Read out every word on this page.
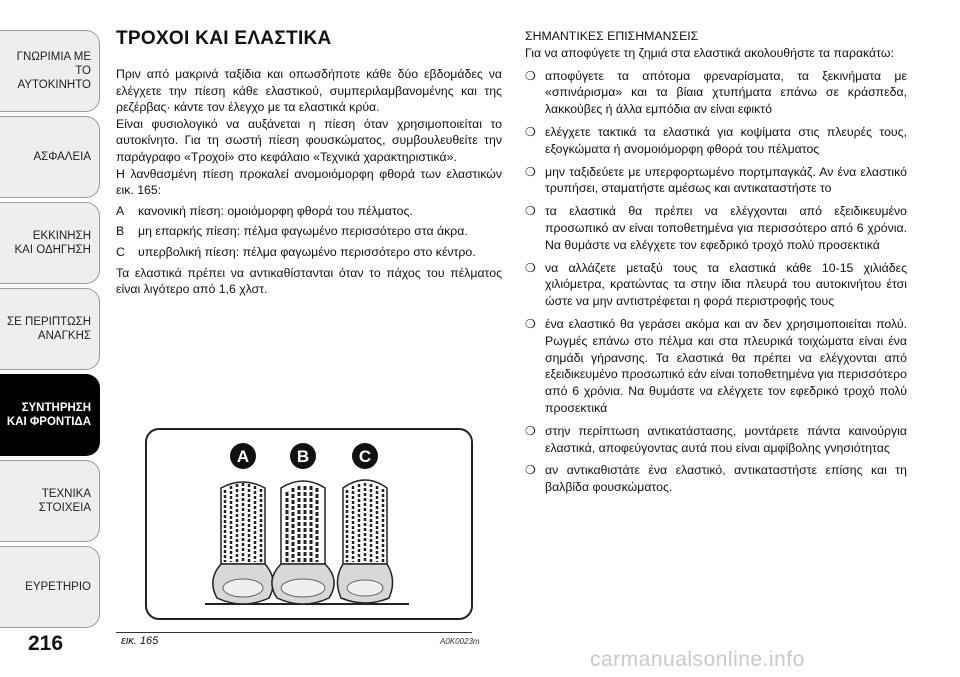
ΓΝΩΡΙΜΙΑ ΜΕ ΤΟ
ΑΥΤΟΚΙΝΗΤΟ
ΑΣΦΑΛΕΙΑ
ΕΚΚΙΝΗΣΗ
ΚΑΙ ΟΔΗΓΗΣΗ
ΣΕ ΠΕΡΙΠΤΩΣΗ
ΑΝΑΓΚΗΣ
ΣΥΝΤΗΡΗΣΗ
ΚΑΙ ΦΡΟΝΤΙΔΑ
ΤΕΧΝΙΚΑ
ΣΤΟΙΧΕΙΑ
ΕΥΡΕΤΗΡΙΟ
216
ΤΡΟΧΟΙ ΚΑΙ ΕΛΑΣΤΙΚΑ

Πριν από μακρινά ταξίδια και οπωσδήποτε κάθε δύο εβδομάδες να ελέγχετε την πίεση κάθε ελαστικού, συμπεριλαμβανομένης και της ρεζέρβας· κάντε τον έλεγχο με τα ελαστικά κρύα.

Είναι φυσιολογικό να αυξάνεται η πίεση όταν χρησιμοποιείται το αυτοκίνητο. Για τη σωστή πίεση φουσκώματος, συμβουλευθείτε την παράγραφο «Τροχοί» στο κεφάλαιο «Τεχνικά χαρακτηριστικά».

Η λανθασμένη πίεση προκαλεί ανομοιόμορφη φθορά των ελαστικών εικ. 165:

A	κανονική πίεση: ομοιόμορφη φθορά του πέλματος.
B	μη επαρκής πίεση: πέλμα φαγωμένο περισσότερο στα άκρα.
C	υπερβολική πίεση: πέλμα φαγωμένο περισσότερο στο κέντρο.

Τα ελαστικά πρέπει να αντικαθίστανται όταν το πάχος του πέλματος είναι λιγότερο από 1,6 χλστ.

A	B	C
εικ. 165	A0K0023m

ΣΗΜΑΝΤΙΚΕΣ ΕΠΙΣΗΜΑΝΣΕΙΣ

Για να αποφύγετε τη ζημιά στα ελαστικά ακολουθήστε τα παρακάτω:

❍ αποφύγετε τα απότομα φρεναρίσματα, τα ξεκινήματα με «σπινάρισμα» και τα βίαια χτυπήματα επάνω σε κράσπεδα, λακκούβες ή άλλα εμπόδια αν είναι εφικτό
❍ ελέγχετε τακτικά τα ελαστικά για κοψίματα στις πλευρές τους, εξογκώματα ή ανομοιόμορφη φθορά του πέλματος
❍ μην ταξιδεύετε με υπερφορτωμένο πορτμπαγκάζ. Αν ένα ελαστικό τρυπήσει, σταματήστε αμέσως και αντικαταστήστε το
❍ τα ελαστικά θα πρέπει να ελέγχονται από εξειδικευμένο προσωπικό αν είναι τοποθετημένα για περισσότερο από 6 χρόνια. Να θυμάστε να ελέγχετε τον εφεδρικό τροχό πολύ προσεκτικά
❍ να αλλάζετε μεταξύ τους τα ελαστικά κάθε 10-15 χιλιάδες χιλιόμετρα, κρατώντας τα στην ίδια πλευρά του αυτοκινήτου έτσι ώστε να μην αντιστρέφεται η φορά περιστροφής τους
❍ ένα ελαστικό θα γεράσει ακόμα και αν δεν χρησιμοποιείται πολύ. Ρωγμές επάνω στο πέλμα και στα πλευρικά τοιχώματα είναι ένα σημάδι γήρανσης. Τα ελαστικά θα πρέπει να ελέγχονται από εξειδικευμένο προσωπικό εάν είναι τοποθετημένα για περισσότερο από 6 χρόνια. Να θυμάστε να ελέγχετε τον εφεδρικό τροχό πολύ προσεκτικά
❍ στην περίπτωση αντικατάστασης, μοντάρετε πάντα καινούργια ελαστικά, αποφεύγοντας αυτά που είναι αμφίβολης γνησιότητας
❍ αν αντικαθιστάτε ένα ελαστικό, αντικαταστήστε επίσης και τη βαλβίδα φουσκώματος.
carmanualsonline.info
